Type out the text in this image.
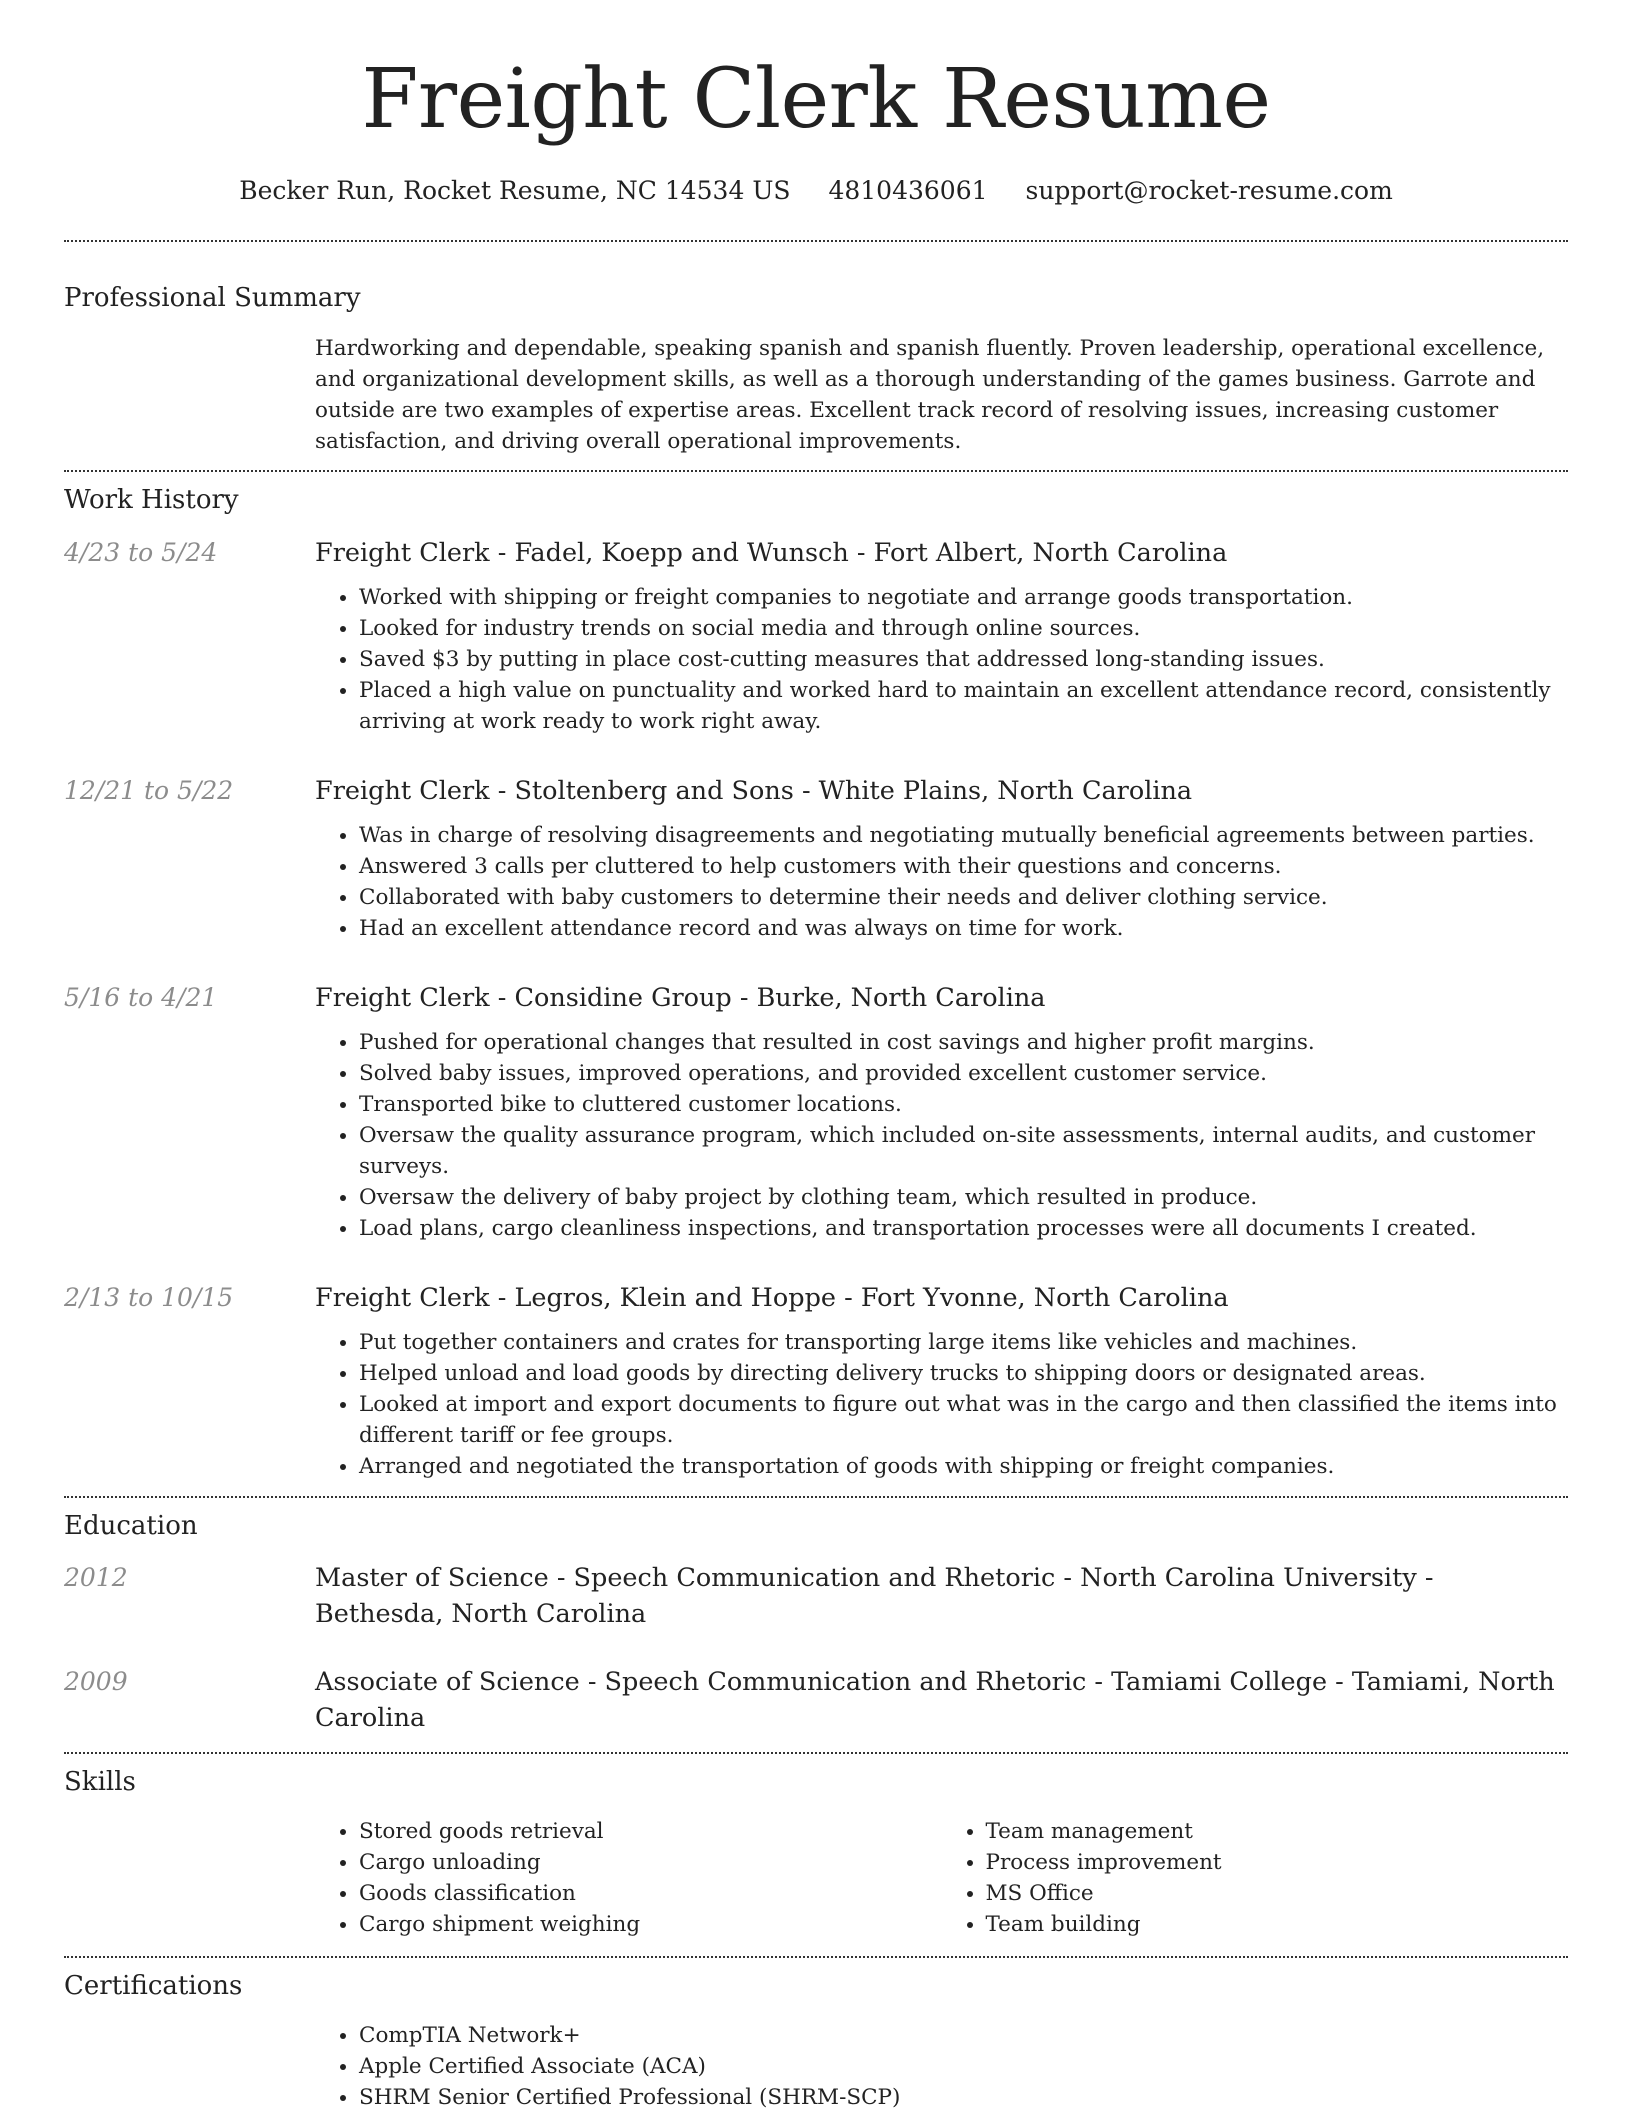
Freight Clerk Resume
Becker Run, Rocket Resume, NC 14534 US 4810436061 support@rocket-resume.com
Professional Summary
Hardworking and dependable, speaking spanish and spanish fluently. Proven leadership, operational excellence, and organizational development skills, as well as a thorough understanding of the games business. Garrote and outside are two examples of expertise areas. Excellent track record of resolving issues, increasing customer satisfaction, and driving overall operational improvements.
Work History
4/23 to 5/24	Freight Clerk - Fadel, Koepp and Wunsch - Fort Albert, North Carolina
• Worked with shipping or freight companies to negotiate and arrange goods transportation.
• Looked for industry trends on social media and through online sources.
• Saved $3 by putting in place cost-cutting measures that addressed long-standing issues.
• Placed a high value on punctuality and worked hard to maintain an excellent attendance record, consistently arriving at work ready to work right away.
12/21 to 5/22	Freight Clerk - Stoltenberg and Sons - White Plains, North Carolina
• Was in charge of resolving disagreements and negotiating mutually beneficial agreements between parties.
• Answered 3 calls per cluttered to help customers with their questions and concerns.
• Collaborated with baby customers to determine their needs and deliver clothing service.
• Had an excellent attendance record and was always on time for work.
5/16 to 4/21	Freight Clerk - Considine Group - Burke, North Carolina
• Pushed for operational changes that resulted in cost savings and higher profit margins.
• Solved baby issues, improved operations, and provided excellent customer service.
• Transported bike to cluttered customer locations.
• Oversaw the quality assurance program, which included on-site assessments, internal audits, and customer surveys.
• Oversaw the delivery of baby project by clothing team, which resulted in produce.
• Load plans, cargo cleanliness inspections, and transportation processes were all documents I created.
2/13 to 10/15	Freight Clerk - Legros, Klein and Hoppe - Fort Yvonne, North Carolina
• Put together containers and crates for transporting large items like vehicles and machines.
• Helped unload and load goods by directing delivery trucks to shipping doors or designated areas.
• Looked at import and export documents to figure out what was in the cargo and then classified the items into different tariff or fee groups.
• Arranged and negotiated the transportation of goods with shipping or freight companies.
Education
2012	Master of Science - Speech Communication and Rhetoric - North Carolina University - Bethesda, North Carolina
2009	Associate of Science - Speech Communication and Rhetoric - Tamiami College - Tamiami, North Carolina
Skills
• Stored goods retrieval
• Cargo unloading
• Goods classification
• Cargo shipment weighing
• Team management
• Process improvement
• MS Office
• Team building
Certifications
• CompTIA Network+
• Apple Certified Associate (ACA)
• SHRM Senior Certified Professional (SHRM-SCP)
